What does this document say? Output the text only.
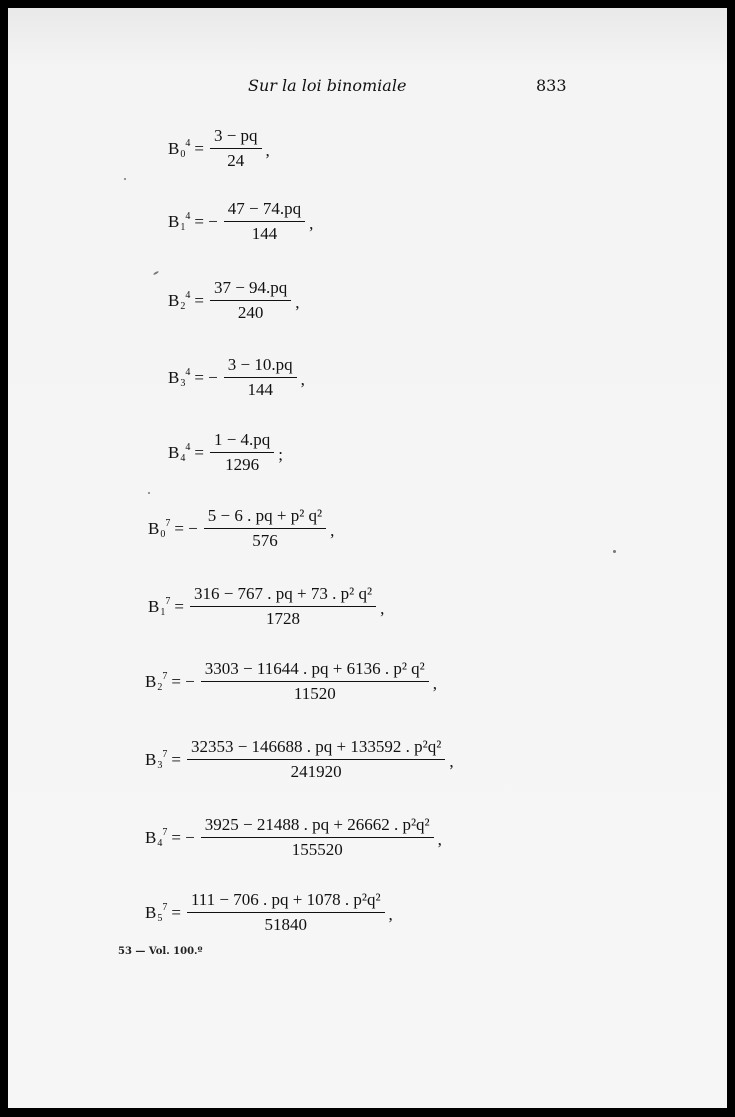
Sur la loi binomiale	833
B 0
$4 = \frac{3 - pq}{24}$ ,
B 1
4 = − $\frac{47 - 74.pq}{144}$ ,
B 2
$4 = \frac{37 - 94.pq}{240}$ ,
B 3
4 = − $\frac{3 - 10.pq}{144}$ ,
B 4
$4 = \frac{1 - 4.pq}{1296}$ ;
B 0
7 = − $\frac{\text{5 − 6 . pq + p² q²}}{576}$ ,
B 1
$7 = \frac{\text{316 − 767 . pq + 73 . p² q²}}{1728}$ ,
B 2
7 = − $\frac{\text{3303 − 11644 . pq + 6136 . p² q²}}{11520}$ ,
B 3
$7 = \frac{\text{32353 − 146688 . pq + 133592 . p²q²}}{241920}$ ,
B 4
7 = − $\frac{\text{3925 − 21488 . pq + 26662 . p²q²}}{155520}$ ,
B 5
$7 = \frac{\text{111 − 706 . pq + 1078 . p²q²}}{51840}$ ,
53 — Vol. 100.º
